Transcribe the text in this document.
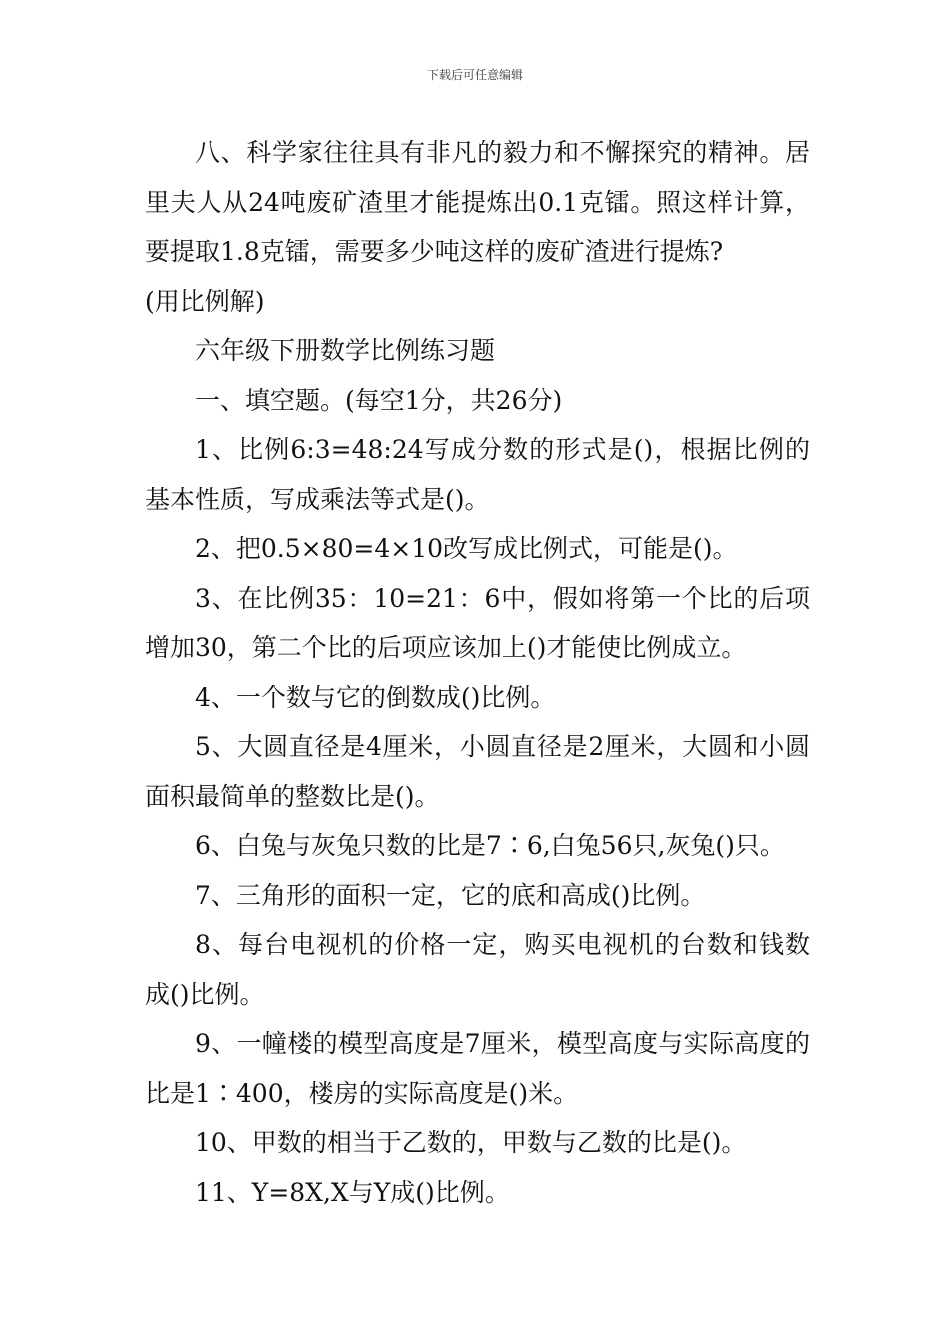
下载后可任意编辑

八、科学家往往具有非凡的毅力和不懈探究的精神。居里夫人从24吨废矿渣里才能提炼出0.1克镭。照这样计算，要提取1.8克镭，需要多少吨这样的废矿渣进行提炼?

(用比例解)

六年级下册数学比例练习题

一、填空题。(每空1分，共26分)

1、比例6:3=48:24写成分数的形式是()，根据比例的基本性质，写成乘法等式是()。

2、把0.5×80=4×10改写成比例式，可能是()。

3、在比例35：10=21：6中，假如将第一个比的后项增加30，第二个比的后项应该加上()才能使比例成立。

4、一个数与它的倒数成()比例。

5、大圆直径是4厘米，小圆直径是2厘米，大圆和小圆面积最简单的整数比是()。

6、白兔与灰兔只数的比是7∶6,白兔56只,灰兔()只。

7、三角形的面积一定，它的底和高成()比例。

8、每台电视机的价格一定，购买电视机的台数和钱数成()比例。

9、一幢楼的模型高度是7厘米，模型高度与实际高度的比是1∶400，楼房的实际高度是()米。

10、甲数的相当于乙数的，甲数与乙数的比是()。

11、Y=8X,X与Y成()比例。
